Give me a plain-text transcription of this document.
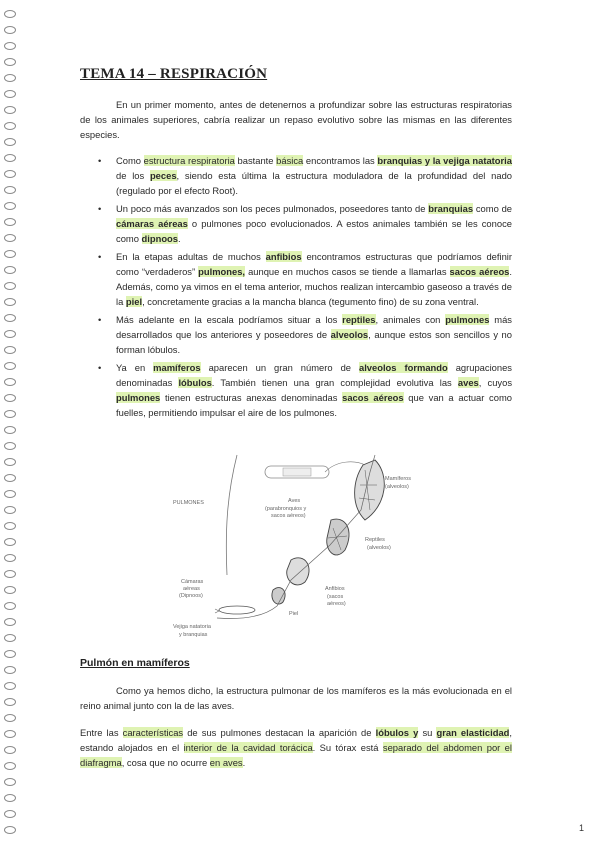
TEMA 14 – RESPIRACIÓN

En un primer momento, antes de detenernos a profundizar sobre las estructuras respiratorias de los animales superiores, cabría realizar un repaso evolutivo sobre las mismas en las diferentes especies.

• Como estructura respiratoria bastante básica encontramos las branquias y la vejiga natatoria de los peces, siendo esta última la estructura moduladora de la profundidad del nado (regulado por el efecto Root).
• Un poco más avanzados son los peces pulmonados, poseedores tanto de branquias como de cámaras aéreas o pulmones poco evolucionados. A estos animales también se les conoce como dipnoos.
• En la etapas adultas de muchos anfibios encontramos estructuras que podríamos definir como “verdaderos” pulmones, aunque en muchos casos se tiende a llamarlas sacos aéreos. Además, como ya vimos en el tema anterior, muchos realizan intercambio gaseoso a través de la piel, concretamente gracias a la mancha blanca (tegumento fino) de su zona ventral.
• Más adelante en la escala podríamos situar a los reptiles, animales con pulmones más desarrollados que los anteriores y poseedores de alveolos, aunque estos son sencillos y no forman lóbulos.
• Ya en mamíferos aparecen un gran número de alveolos formando agrupaciones denominadas lóbulos. También tienen una gran complejidad evolutiva las aves, cuyos pulmones tienen estructuras anexas denominadas sacos aéreos que van a actuar como fuelles, permitiendo impulsar el aire de los pulmones.
PULMONES	Aves
(parabronquios y
sacos aéreos)
Mamíferos
(alveolos)
Reptiles
(alveolos)
Anfibios
(sacos
aéreos)
Piel
Cámaras
aéreas
(Dipnoos)
Vejiga natatoria
y branquias
Pulmón en mamíferos

Como ya hemos dicho, la estructura pulmonar de los mamíferos es la más evolucionada en el reino animal junto con la de las aves.

Entre las características de sus pulmones destacan la aparición de lóbulos y su gran elasticidad, estando alojados en el interior de la cavidad torácica. Su tórax está separado del abdomen por el diafragma, cosa que no ocurre en aves.

1
